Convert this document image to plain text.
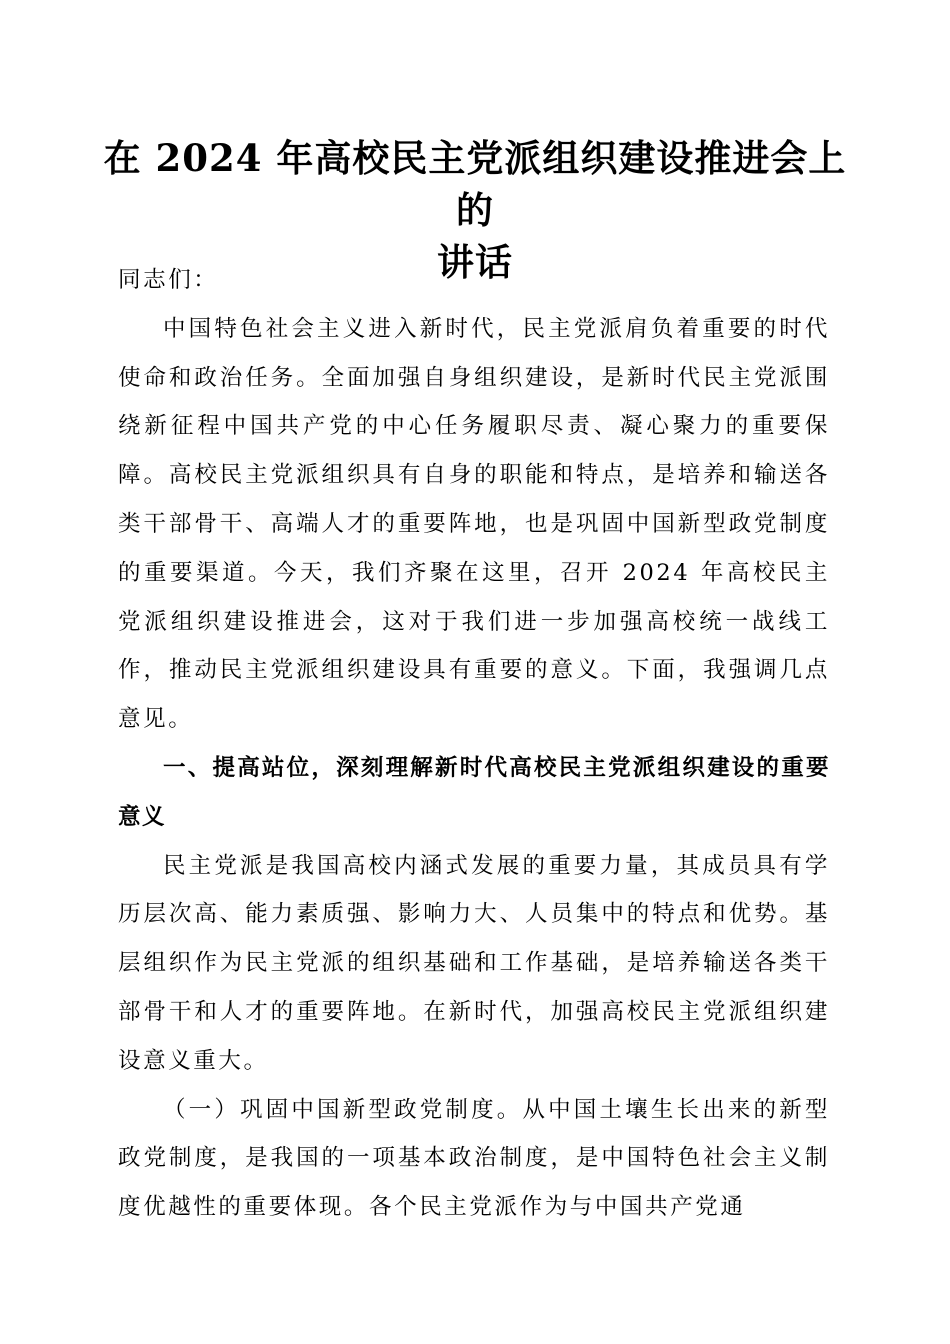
在 2024 年高校民主党派组织建设推进会上的
讲话

同志们：

中国特色社会主义进入新时代，民主党派肩负着重要的时代使命和政治任务。全面加强自身组织建设，是新时代民主党派围绕新征程中国共产党的中心任务履职尽责、凝心聚力的重要保障。高校民主党派组织具有自身的职能和特点，是培养和输送各类干部骨干、高端人才的重要阵地，也是巩固中国新型政党制度的重要渠道。今天，我们齐聚在这里，召开 2024 年高校民主党派组织建设推进会，这对于我们进一步加强高校统一战线工作，推动民主党派组织建设具有重要的意义。下面，我强调几点意见。

一、提高站位，深刻理解新时代高校民主党派组织建设的重要意义

民主党派是我国高校内涵式发展的重要力量，其成员具有学历层次高、能力素质强、影响力大、人员集中的特点和优势。基层组织作为民主党派的组织基础和工作基础，是培养输送各类干部骨干和人才的重要阵地。在新时代，加强高校民主党派组织建设意义重大。

（一）巩固中国新型政党制度。从中国土壤生长出来的新型政党制度，是我国的一项基本政治制度，是中国特色社会主义制度优越性的重要体现。各个民主党派作为与中国共产党通
